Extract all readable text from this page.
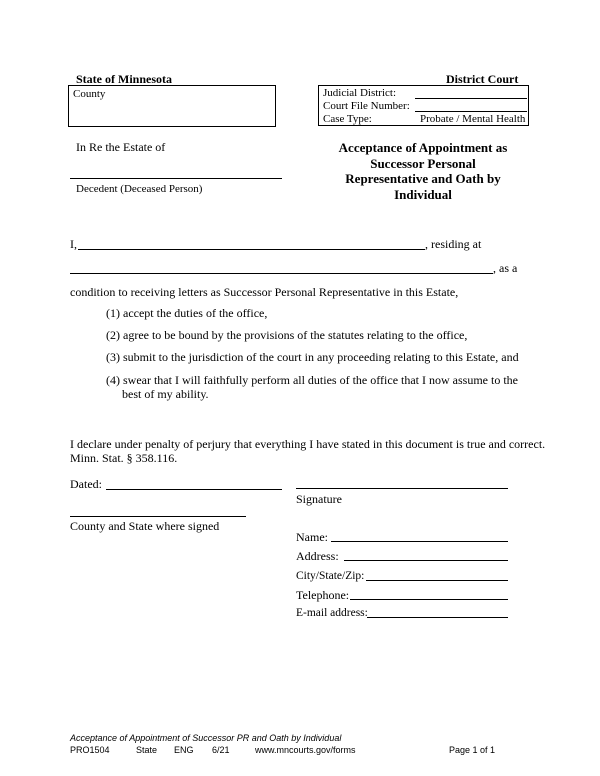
State of Minnesota	District Court
County	Judicial District:
Court File Number:
Case Type:	Probate / Mental Health
In Re the Estate of
Decedent (Deceased Person)
Acceptance of Appointment as
Successor Personal
Representative and Oath by
Individual
I,	, residing at
, as a
condition to receiving letters as Successor Personal Representative in this Estate,
(1) accept the duties of the office,
(2) agree to be bound by the provisions of the statutes relating to the office,
(3) submit to the jurisdiction of the court in any proceeding relating to this Estate, and
(4) swear that I will faithfully perform all duties of the office that I now assume to the
best of my ability.
I declare under penalty of perjury that everything I have stated in this document is true and correct.
Minn. Stat. § 358.116.
Dated:
Signature
County and State where signed
Name:
Address:
City/State/Zip:
Telephone:
E-mail address:
Acceptance of Appointment of Successor PR and Oath by Individual
PRO1504	State ENG 6/21	www.mncourts.gov/forms	Page 1 of 1
